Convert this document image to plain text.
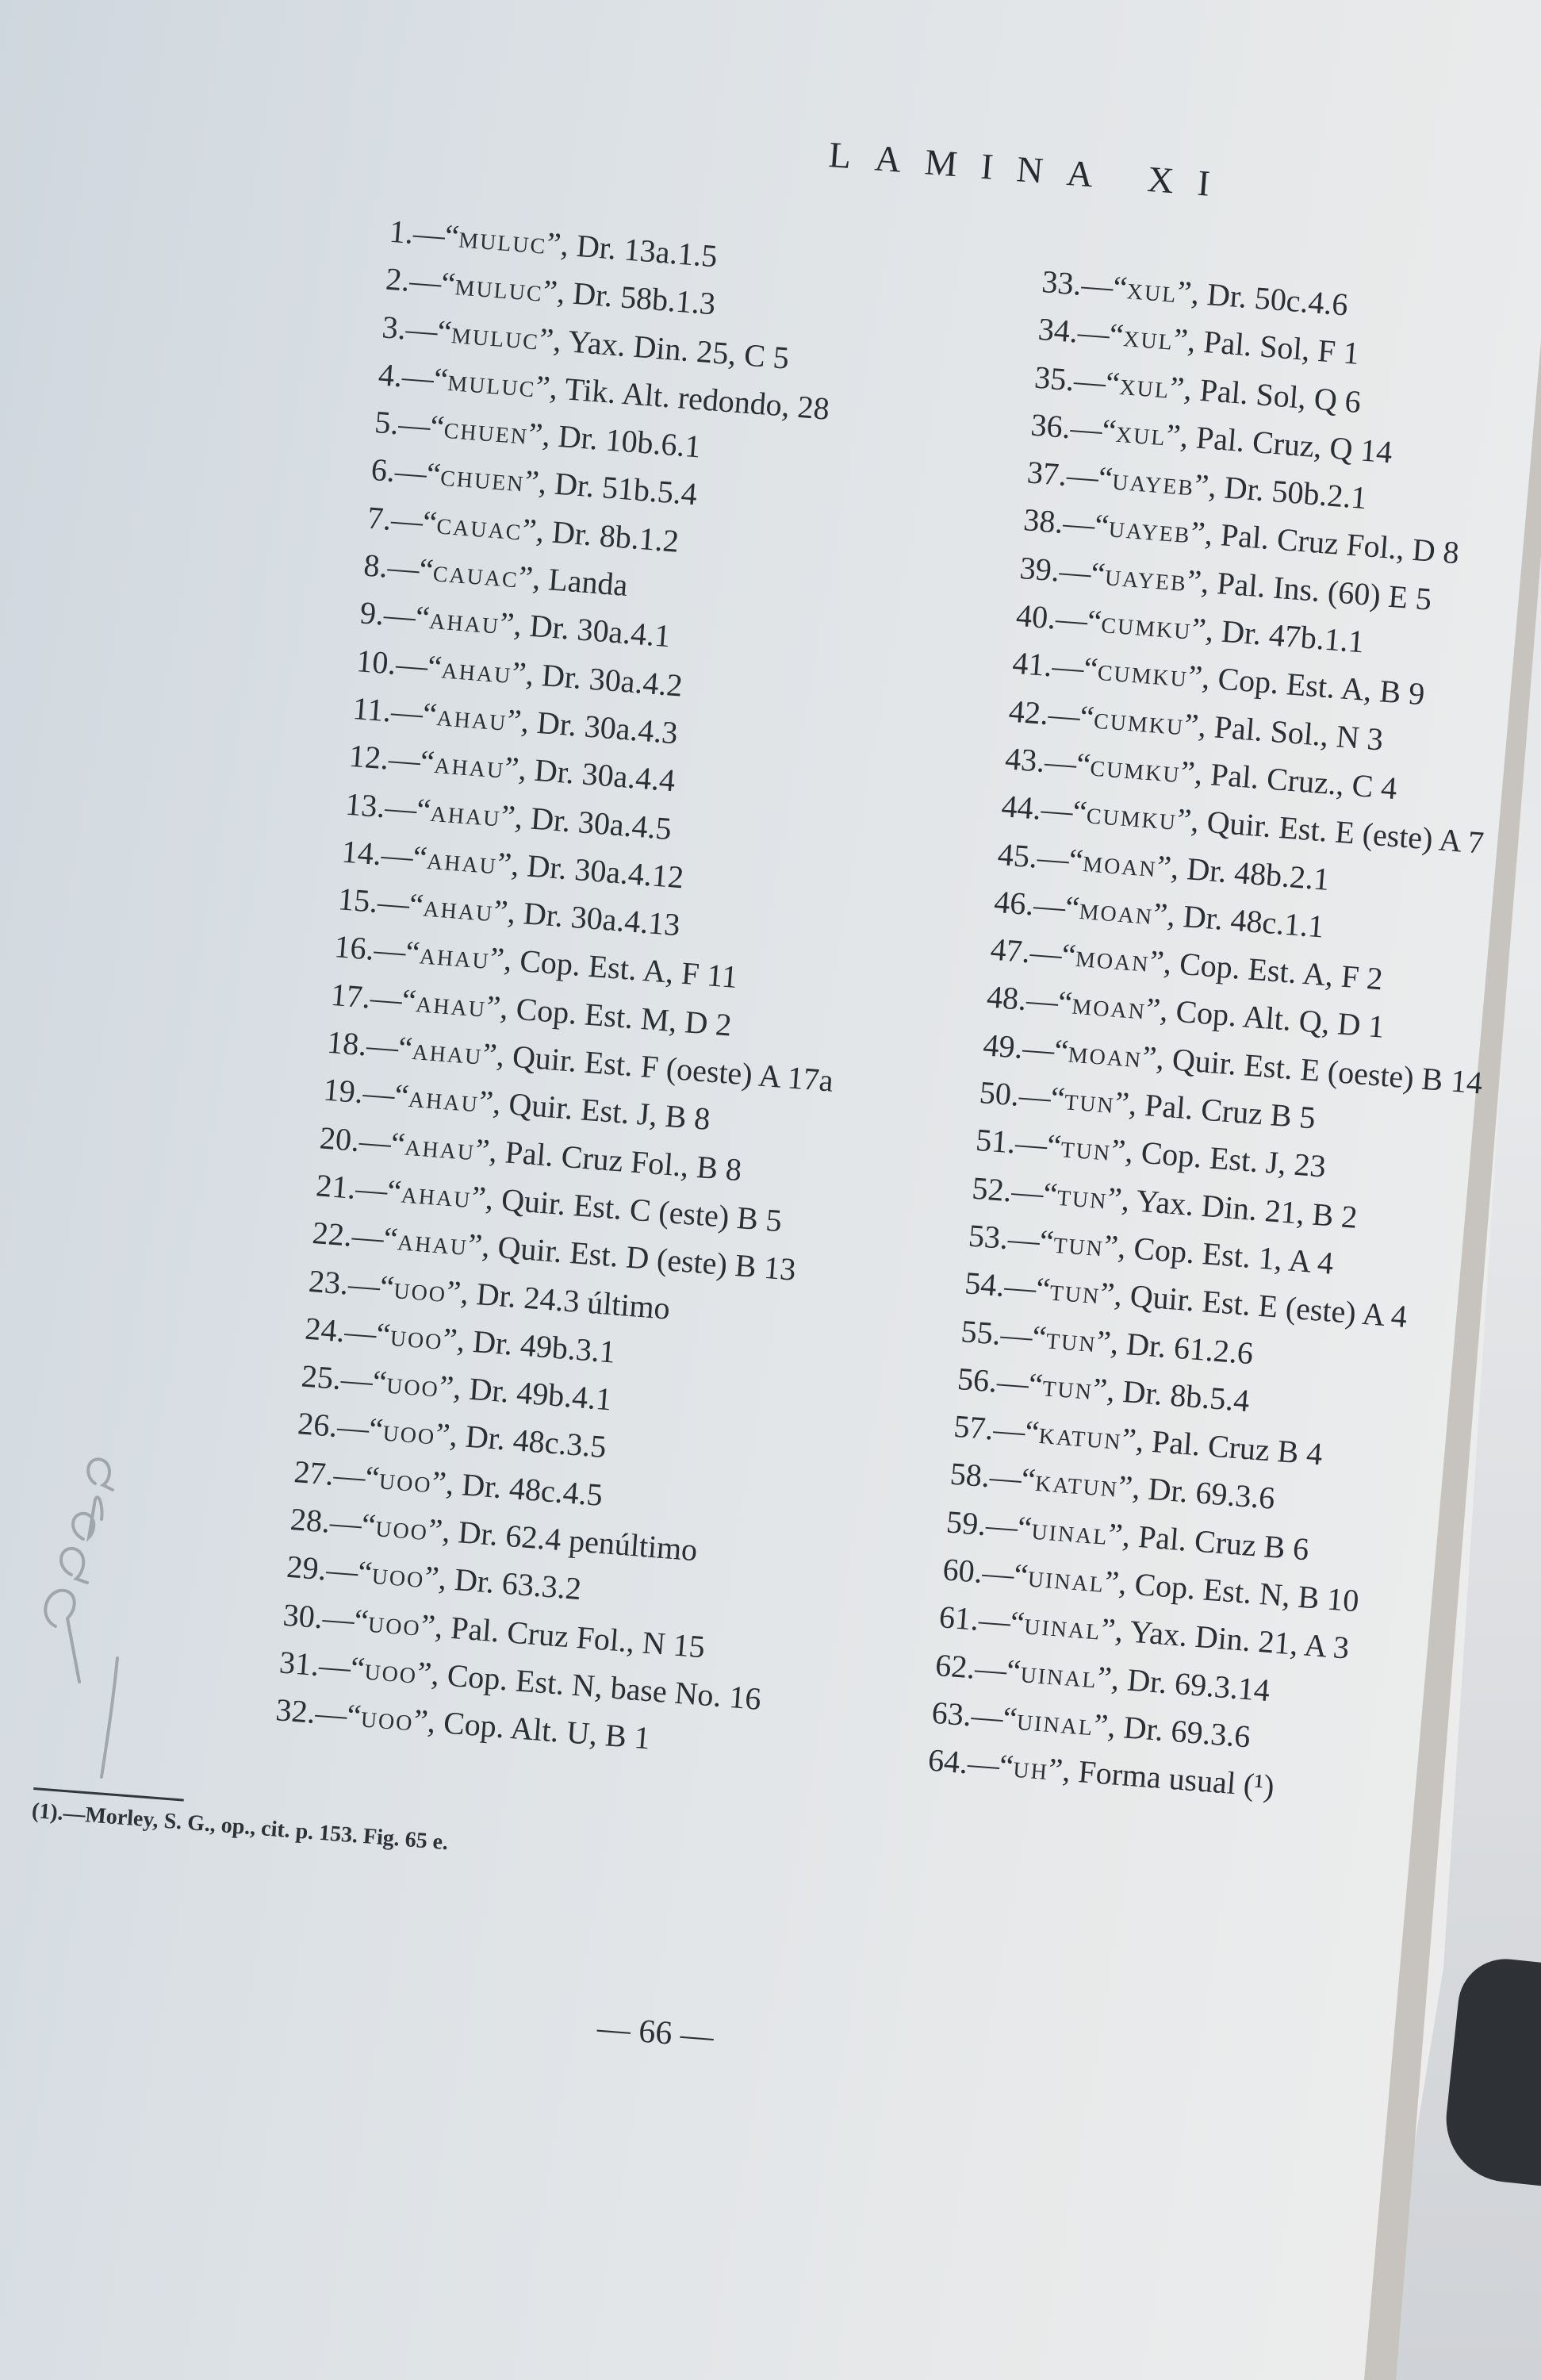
LAMINA XI
1.—“muluc”, Dr. 13a.1.5
2.—“muluc”, Dr. 58b.1.3
3.—“muluc”, Yax. Din. 25, C 5
4.—“muluc”, Tik. Alt. redondo, 28
5.—“chuen”, Dr. 10b.6.1
6.—“chuen”, Dr. 51b.5.4
7.—“cauac”, Dr. 8b.1.2
8.—“cauac”, Landa
9.—“ahau”, Dr. 30a.4.1
10.—“ahau”, Dr. 30a.4.2
11.—“ahau”, Dr. 30a.4.3
12.—“ahau”, Dr. 30a.4.4
13.—“ahau”, Dr. 30a.4.5
14.—“ahau”, Dr. 30a.4.12
15.—“ahau”, Dr. 30a.4.13
16.—“ahau”, Cop. Est. A, F 11
17.—“ahau”, Cop. Est. M, D 2
18.—“ahau”, Quir. Est. F (oeste) A 17a
19.—“ahau”, Quir. Est. J, B 8
20.—“ahau”, Pal. Cruz Fol., B 8
21.—“ahau”, Quir. Est. C (este) B 5
22.—“ahau”, Quir. Est. D (este) B 13
23.—“uoo”, Dr. 24.3 último
24.—“uoo”, Dr. 49b.3.1
25.—“uoo”, Dr. 49b.4.1
26.—“uoo”, Dr. 48c.3.5
27.—“uoo”, Dr. 48c.4.5
28.—“uoo”, Dr. 62.4 penúltimo
29.—“uoo”, Dr. 63.3.2
30.—“uoo”, Pal. Cruz Fol., N 15
31.—“uoo”, Cop. Est. N, base No. 16
32.—“uoo”, Cop. Alt. U, B 1
33.—“xul”, Dr. 50c.4.6
34.—“xul”, Pal. Sol, F 1
35.—“xul”, Pal. Sol, Q 6
36.—“xul”, Pal. Cruz, Q 14
37.—“uayeb”, Dr. 50b.2.1
38.—“uayeb”, Pal. Cruz Fol., D 8
39.—“uayeb”, Pal. Ins. (60) E 5
40.—“cumku”, Dr. 47b.1.1
41.—“cumku”, Cop. Est. A, B 9
42.—“cumku”, Pal. Sol., N 3
43.—“cumku”, Pal. Cruz., C 4
44.—“cumku”, Quir. Est. E (este) A 7
45.—“moan”, Dr. 48b.2.1
46.—“moan”, Dr. 48c.1.1
47.—“moan”, Cop. Est. A, F 2
48.—“moan”, Cop. Alt. Q, D 1
49.—“moan”, Quir. Est. E (oeste) B 14
50.—“tun”, Pal. Cruz B 5
51.—“tun”, Cop. Est. J, 23
52.—“tun”, Yax. Din. 21, B 2
53.—“tun”, Cop. Est. 1, A 4
54.—“tun”, Quir. Est. E (este) A 4
55.—“tun”, Dr. 61.2.6
56.—“tun”, Dr. 8b.5.4
57.—“katun”, Pal. Cruz B 4
58.—“katun”, Dr. 69.3.6
59.—“uinal”, Pal. Cruz B 6
60.—“uinal”, Cop. Est. N, B 10
61.—“uinal”, Yax. Din. 21, A 3
62.—“uinal”, Dr. 69.3.14
63.—“uinal”, Dr. 69.3.6
64.—“uh”, Forma usual (¹)
(1).—Morley, S. G., op., cit. p. 153. Fig. 65 e.
— 66 —
